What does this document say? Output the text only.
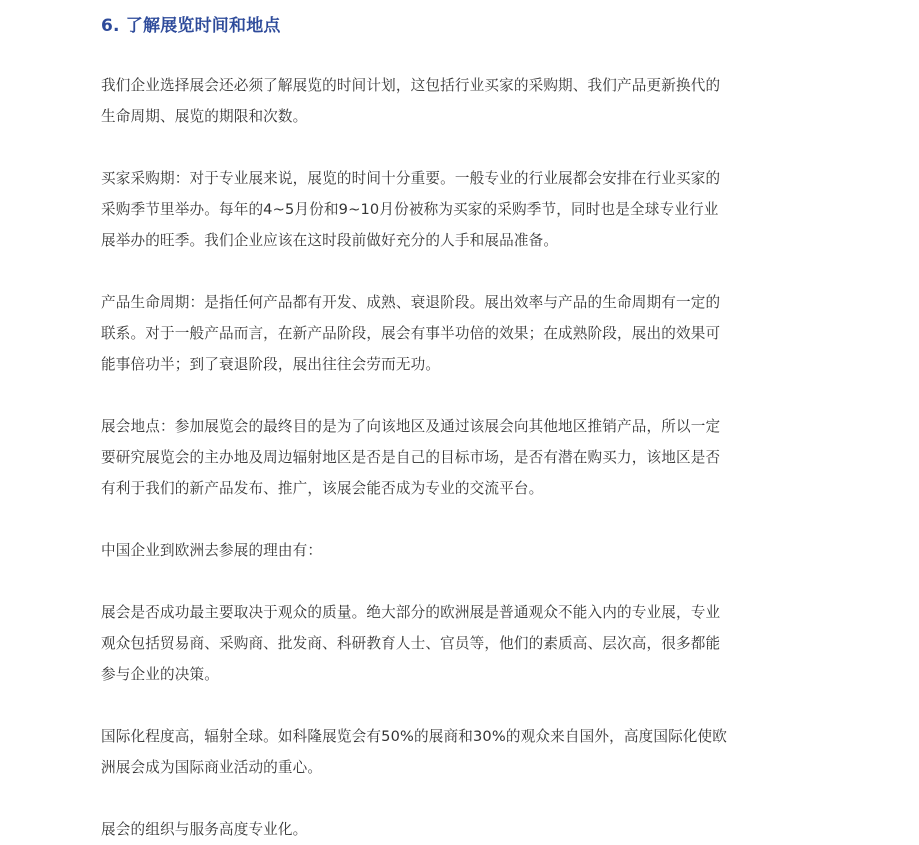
6. 了解展览时间和地点

我们企业选择展会还必须了解展览的时间计划，这包括行业买家的采购期、我们产品更新换代的
生命周期、展览的期限和次数。

买家采购期：对于专业展来说，展览的时间十分重要。一般专业的行业展都会安排在行业买家的
采购季节里举办。每年的4~5月份和9~10月份被称为买家的采购季节，同时也是全球专业行业
展举办的旺季。我们企业应该在这时段前做好充分的人手和展品准备。

产品生命周期：是指任何产品都有开发、成熟、衰退阶段。展出效率与产品的生命周期有一定的
联系。对于一般产品而言，在新产品阶段，展会有事半功倍的效果；在成熟阶段，展出的效果可
能事倍功半；到了衰退阶段，展出往往会劳而无功。

展会地点：参加展览会的最终目的是为了向该地区及通过该展会向其他地区推销产品，所以一定
要研究展览会的主办地及周边辐射地区是否是自己的目标市场，是否有潜在购买力，该地区是否
有利于我们的新产品发布、推广，该展会能否成为专业的交流平台。

中国企业到欧洲去参展的理由有：

展会是否成功最主要取决于观众的质量。绝大部分的欧洲展是普通观众不能入内的专业展，专业
观众包括贸易商、采购商、批发商、科研教育人士、官员等，他们的素质高、层次高，很多都能
参与企业的决策。

国际化程度高，辐射全球。如科隆展览会有50%的展商和30%的观众来自国外，高度国际化使欧
洲展会成为国际商业活动的重心。

展会的组织与服务高度专业化。
